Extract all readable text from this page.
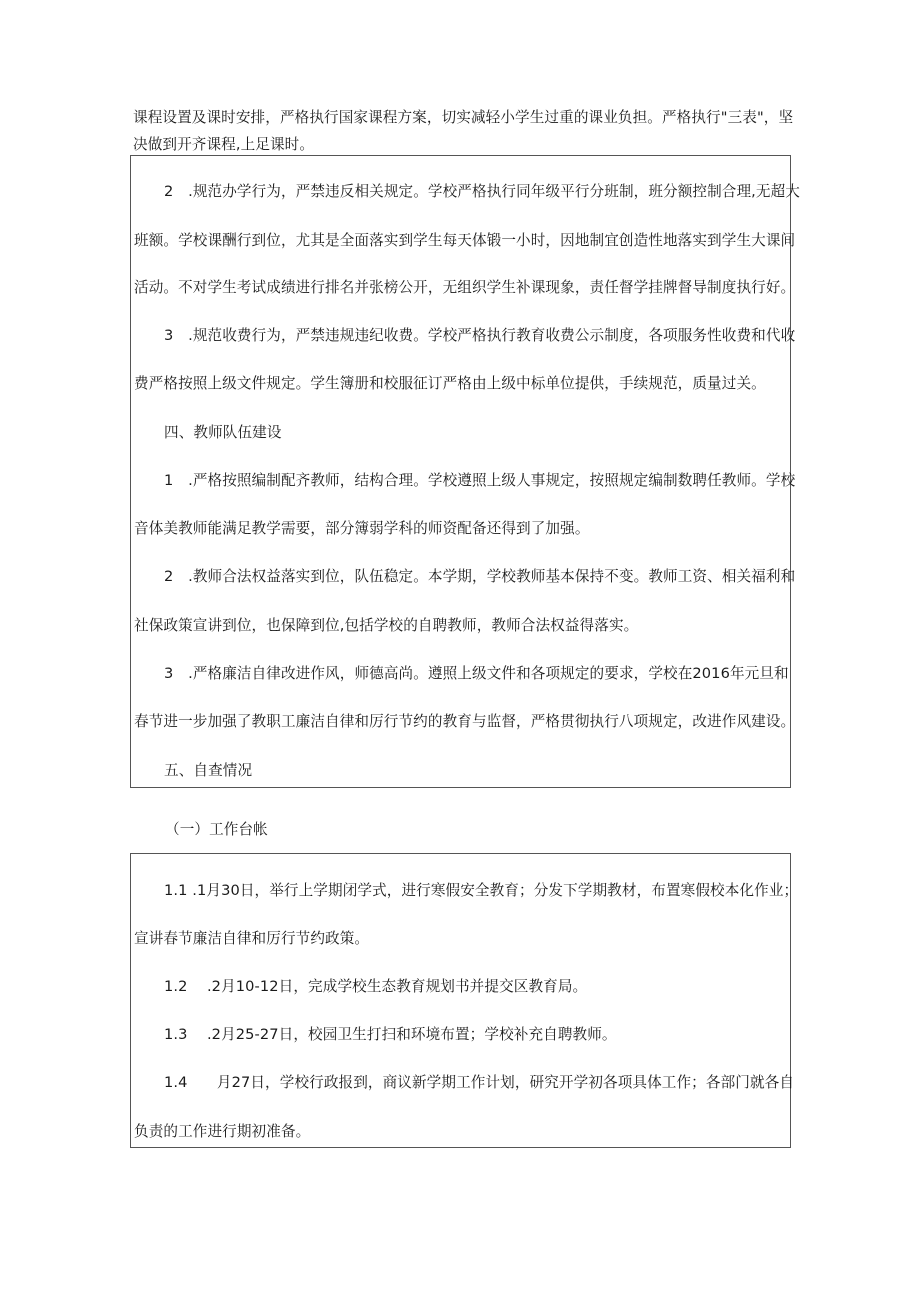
课程设置及课时安排，严格执行国家课程方案，切实减轻小学生过重的课业负担。严格执行"三表"，坚
决做到开齐课程,上足课时。
2　.规范办学行为，严禁违反相关规定。学校严格执行同年级平行分班制，班分额控制合理,无超大
班额。学校课酬行到位，尤其是全面落实到学生每天体锻一小时，因地制宜创造性地落实到学生大课间
活动。不对学生考试成绩进行排名并张榜公开，无组织学生补课现象，责任督学挂牌督导制度执行好。
3　.规范收费行为，严禁违规违纪收费。学校严格执行教育收费公示制度，各项服务性收费和代收
费严格按照上级文件规定。学生簿册和校服征订严格由上级中标单位提供，手续规范，质量过关。
四、教师队伍建设
1　.严格按照编制配齐教师，结构合理。学校遵照上级人事规定，按照规定编制数聘任教师。学校
音体美教师能满足教学需要，部分簿弱学科的师资配备还得到了加强。
2　.教师合法权益落实到位，队伍稳定。本学期，学校教师基本保持不变。教师工资、相关福利和
社保政策宣讲到位，也保障到位,包括学校的自聘教师，教师合法权益得落实。
3　.严格廉洁自律改进作风，师德高尚。遵照上级文件和各项规定的要求，学校在2016年元旦和
春节进一步加强了教职工廉洁自律和厉行节约的教育与监督，严格贯彻执行八项规定，改进作风建设。
五、自查情况
（一）工作台帐
1.1 .1月30日，举行上学期闭学式，进行寒假安全教育；分发下学期教材，布置寒假校本化作业；
宣讲春节廉洁自律和厉行节约政策。
1.2　 .2月10-12日，完成学校生态教育规划书并提交区教育局。
1.3　 .2月25-27日，校园卫生打扫和环境布置；学校补充自聘教师。
1.4　　月27日，学校行政报到，商议新学期工作计划，研究开学初各项具体工作；各部门就各自
负责的工作进行期初准备。
